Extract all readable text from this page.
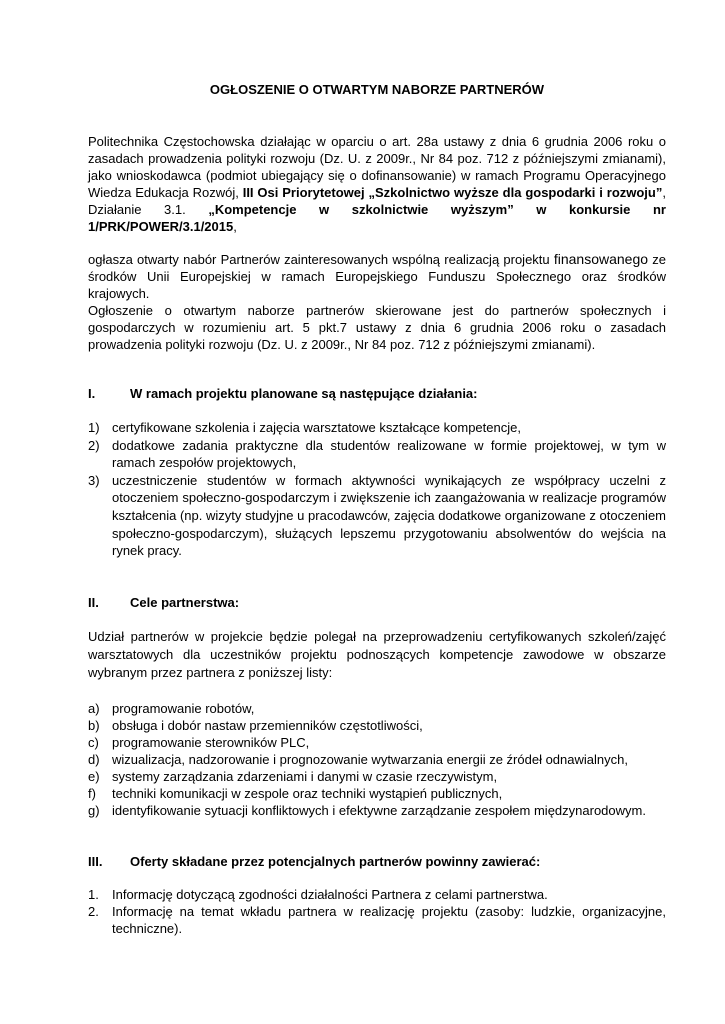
OGŁOSZENIE O OTWARTYM NABORZE PARTNERÓW

Politechnika Częstochowska działając w oparciu o art. 28a ustawy z dnia 6 grudnia 2006 roku o zasadach prowadzenia polityki rozwoju (Dz. U. z 2009r., Nr 84 poz. 712 z późniejszymi zmianami), jako wnioskodawca (podmiot ubiegający się o dofinansowanie) w ramach Programu Operacyjnego Wiedza Edukacja Rozwój, III Osi Priorytetowej „Szkolnictwo wyższe dla gospodarki i rozwoju”, Działanie 3.1. „Kompetencje w szkolnictwie wyższym” w konkursie nr 1/PRK/POWER/3.1/2015,

ogłasza otwarty nabór Partnerów zainteresowanych wspólną realizacją projektu finansowanego ze środków Unii Europejskiej w ramach Europejskiego Funduszu Społecznego oraz środków krajowych.

Ogłoszenie o otwartym naborze partnerów skierowane jest do partnerów społecznych i gospodarczych w rozumieniu art. 5 pkt.7 ustawy z dnia 6 grudnia 2006 roku o zasadach prowadzenia polityki rozwoju (Dz. U. z 2009r., Nr 84 poz. 712 z późniejszymi zmianami).

I.	W ramach projektu planowane są następujące działania:
1) certyfikowane szkolenia i zajęcia warsztatowe kształcące kompetencje,
2) dodatkowe zadania praktyczne dla studentów realizowane w formie projektowej, w tym w ramach zespołów projektowych,
3) uczestniczenie studentów w formach aktywności wynikających ze współpracy uczelni z otoczeniem społeczno-gospodarczym i zwiększenie ich zaangażowania w realizacje programów kształcenia (np. wizyty studyjne u pracodawców, zajęcia dodatkowe organizowane z otoczeniem społeczno-gospodarczym), służących lepszemu przygotowaniu absolwentów do wejścia na rynek pracy.
II.	Cele partnerstwa:

Udział partnerów w projekcie będzie polegał na przeprowadzeniu certyfikowanych szkoleń/zajęć warsztatowych dla uczestników projektu podnoszących kompetencje zawodowe w obszarze wybranym przez partnera z poniższej listy:

a) programowanie robotów,
b) obsługa i dobór nastaw przemienników częstotliwości,
c)	programowanie sterowników PLC,
d) wizualizacja, nadzorowanie i prognozowanie wytwarzania energii ze źródeł odnawialnych,
e) systemy zarządzania zdarzeniami i danymi w czasie rzeczywistym,
f)	techniki komunikacji w zespole oraz techniki wystąpień publicznych,
g) identyfikowanie sytuacji konfliktowych i efektywne zarządzanie zespołem międzynarodowym.
III.	Oferty składane przez potencjalnych partnerów powinny zawierać:
1.	Informację dotyczącą zgodności działalności Partnera z celami partnerstwa.
2.	Informację na temat wkładu partnera w realizację projektu (zasoby: ludzkie, organizacyjne, techniczne).
